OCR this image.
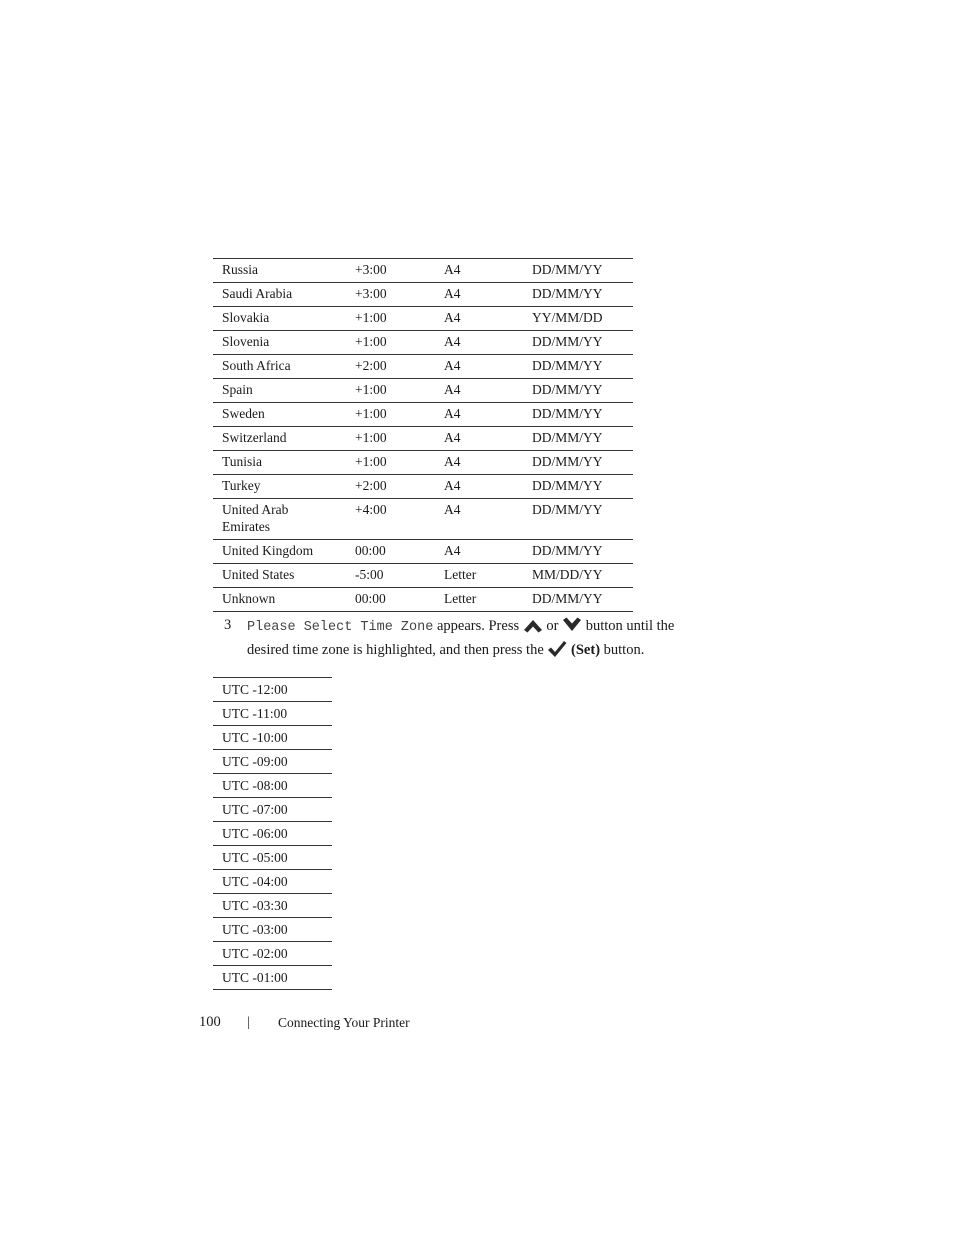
Russia	+3:00	A4	DD/MM/YY
Saudi Arabia	+3:00	A4	DD/MM/YY
Slovakia	+1:00	A4	YY/MM/DD
Slovenia	+1:00	A4	DD/MM/YY
South Africa	+2:00	A4	DD/MM/YY
Spain	+1:00	A4	DD/MM/YY
Sweden	+1:00	A4	DD/MM/YY
Switzerland	+1:00	A4	DD/MM/YY
Tunisia	+1:00	A4	DD/MM/YY
Turkey	+2:00	A4	DD/MM/YY
United Arab
Emirates	+4:00	A4	DD/MM/YY
United Kingdom	00:00	A4	DD/MM/YY
United States	-5:00	Letter	MM/DD/YY
Unknown	00:00	Letter	DD/MM/YY
3 Please Select Time Zone appears. Press or button until the
desired time zone is highlighted, and then press the (Set) button.
UTC -12:00
UTC -11:00
UTC -10:00
UTC -09:00
UTC -08:00
UTC -07:00
UTC -06:00
UTC -05:00
UTC -04:00
UTC -03:30
UTC -03:00
UTC -02:00
UTC -01:00
100 | Connecting Your Printer
